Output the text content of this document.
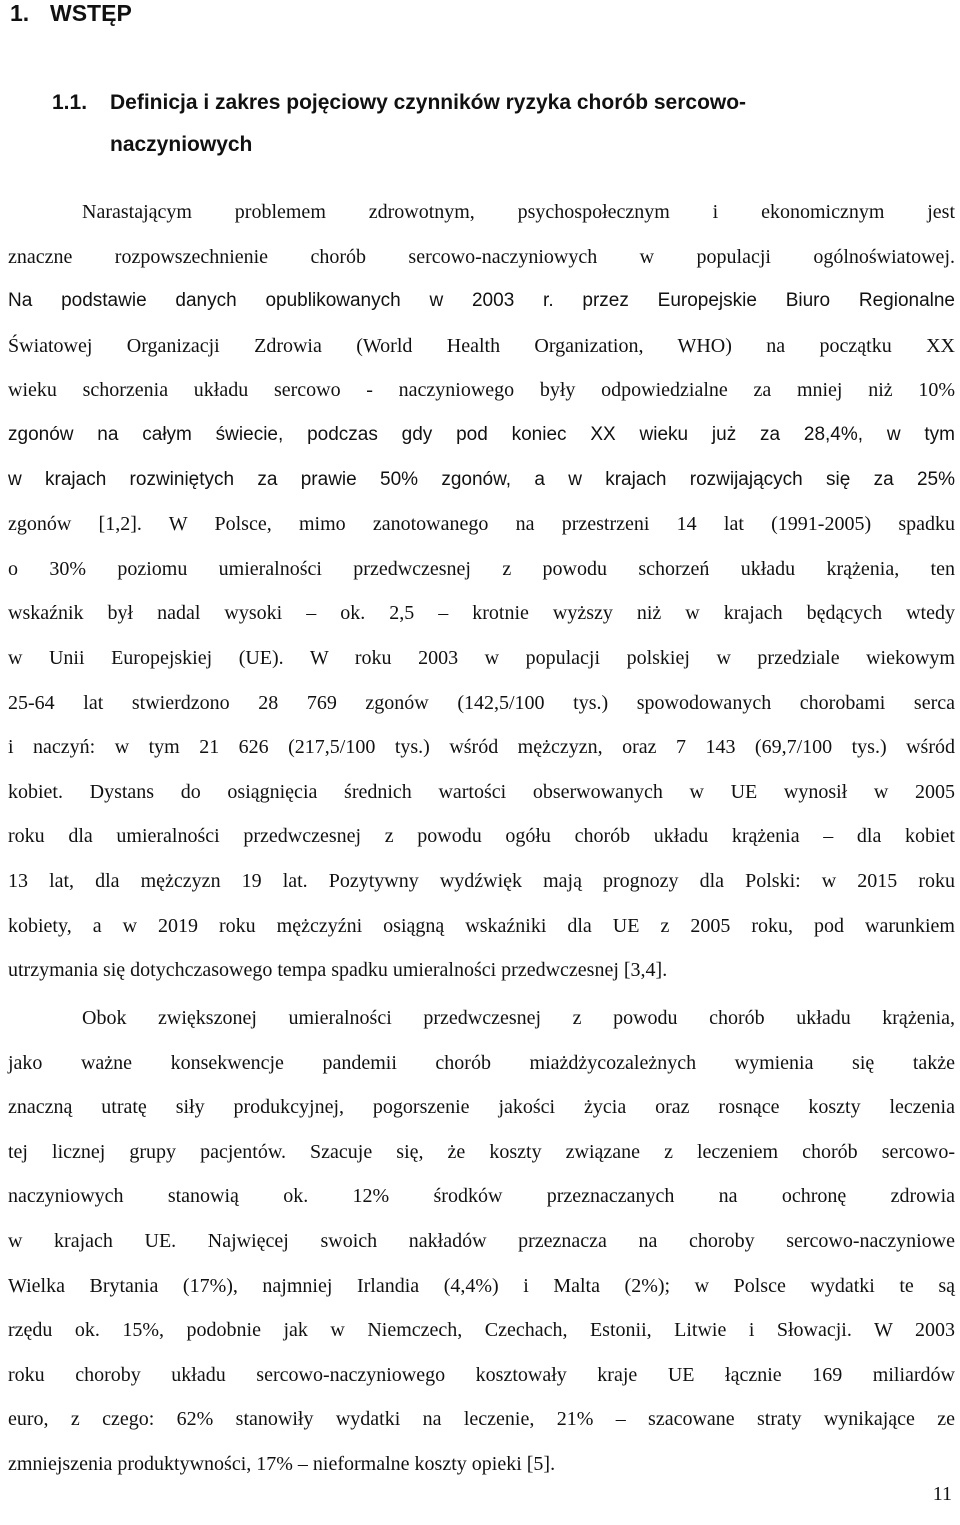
1. WSTĘP
1.1.	Definicja i zakres pojęciowy czynników ryzyka chorób sercowo-naczyniowych
Narastającym problemem zdrowotnym, psychospołecznym i ekonomicznym jest
znaczne rozpowszechnienie chorób sercowo-naczyniowych w populacji ogólnoświatowej.
Na podstawie danych opublikowanych w 2003 r. przez Europejskie Biuro Regionalne
Światowej Organizacji Zdrowia (World Health Organization, WHO) na początku XX
wieku schorzenia układu sercowo - naczyniowego były odpowiedzialne za mniej niż 10%
zgonów na całym świecie, podczas gdy pod koniec XX wieku już za 28,4%, w tym
w krajach rozwiniętych za prawie 50% zgonów, a w krajach rozwijających się za 25%
zgonów [1,2]. W Polsce, mimo zanotowanego na przestrzeni 14 lat (1991-2005) spadku
o 30% poziomu umieralności przedwczesnej z powodu schorzeń układu krążenia, ten
wskaźnik był nadal wysoki – ok. 2,5 – krotnie wyższy niż w krajach będących wtedy
w Unii Europejskiej (UE). W roku 2003 w populacji polskiej w przedziale wiekowym
25-64 lat stwierdzono 28 769 zgonów (142,5/100 tys.) spowodowanych chorobami serca
i naczyń: w tym 21 626 (217,5/100 tys.) wśród mężczyzn, oraz 7 143 (69,7/100 tys.) wśród
kobiet. Dystans do osiągnięcia średnich wartości obserwowanych w UE wynosił w 2005
roku dla umieralności przedwczesnej z powodu ogółu chorób układu krążenia – dla kobiet
13 lat, dla mężczyzn 19 lat. Pozytywny wydźwięk mają prognozy dla Polski: w 2015 roku
kobiety, a w 2019 roku mężczyźni osiągną wskaźniki dla UE z 2005 roku, pod warunkiem
utrzymania się dotychczasowego tempa spadku umieralności przedwczesnej [3,4].
Obok zwiększonej umieralności przedwczesnej z powodu chorób układu krążenia,
jako ważne konsekwencje pandemii chorób miażdżycozależnych wymienia się także
znaczną utratę siły produkcyjnej, pogorszenie jakości życia oraz rosnące koszty leczenia
tej licznej grupy pacjentów. Szacuje się, że koszty związane z leczeniem chorób sercowo-
naczyniowych stanowią ok. 12% środków przeznaczanych na ochronę zdrowia
w krajach UE. Najwięcej swoich nakładów przeznacza na choroby sercowo-naczyniowe
Wielka Brytania (17%), najmniej Irlandia (4,4%) i Malta (2%); w Polsce wydatki te są
rzędu ok. 15%, podobnie jak w Niemczech, Czechach, Estonii, Litwie i Słowacji. W 2003
roku choroby układu sercowo-naczyniowego kosztowały kraje UE łącznie 169 miliardów
euro, z czego: 62% stanowiły wydatki na leczenie, 21% – szacowane straty wynikające ze
zmniejszenia produktywności, 17% – nieformalne koszty opieki [5].
11
